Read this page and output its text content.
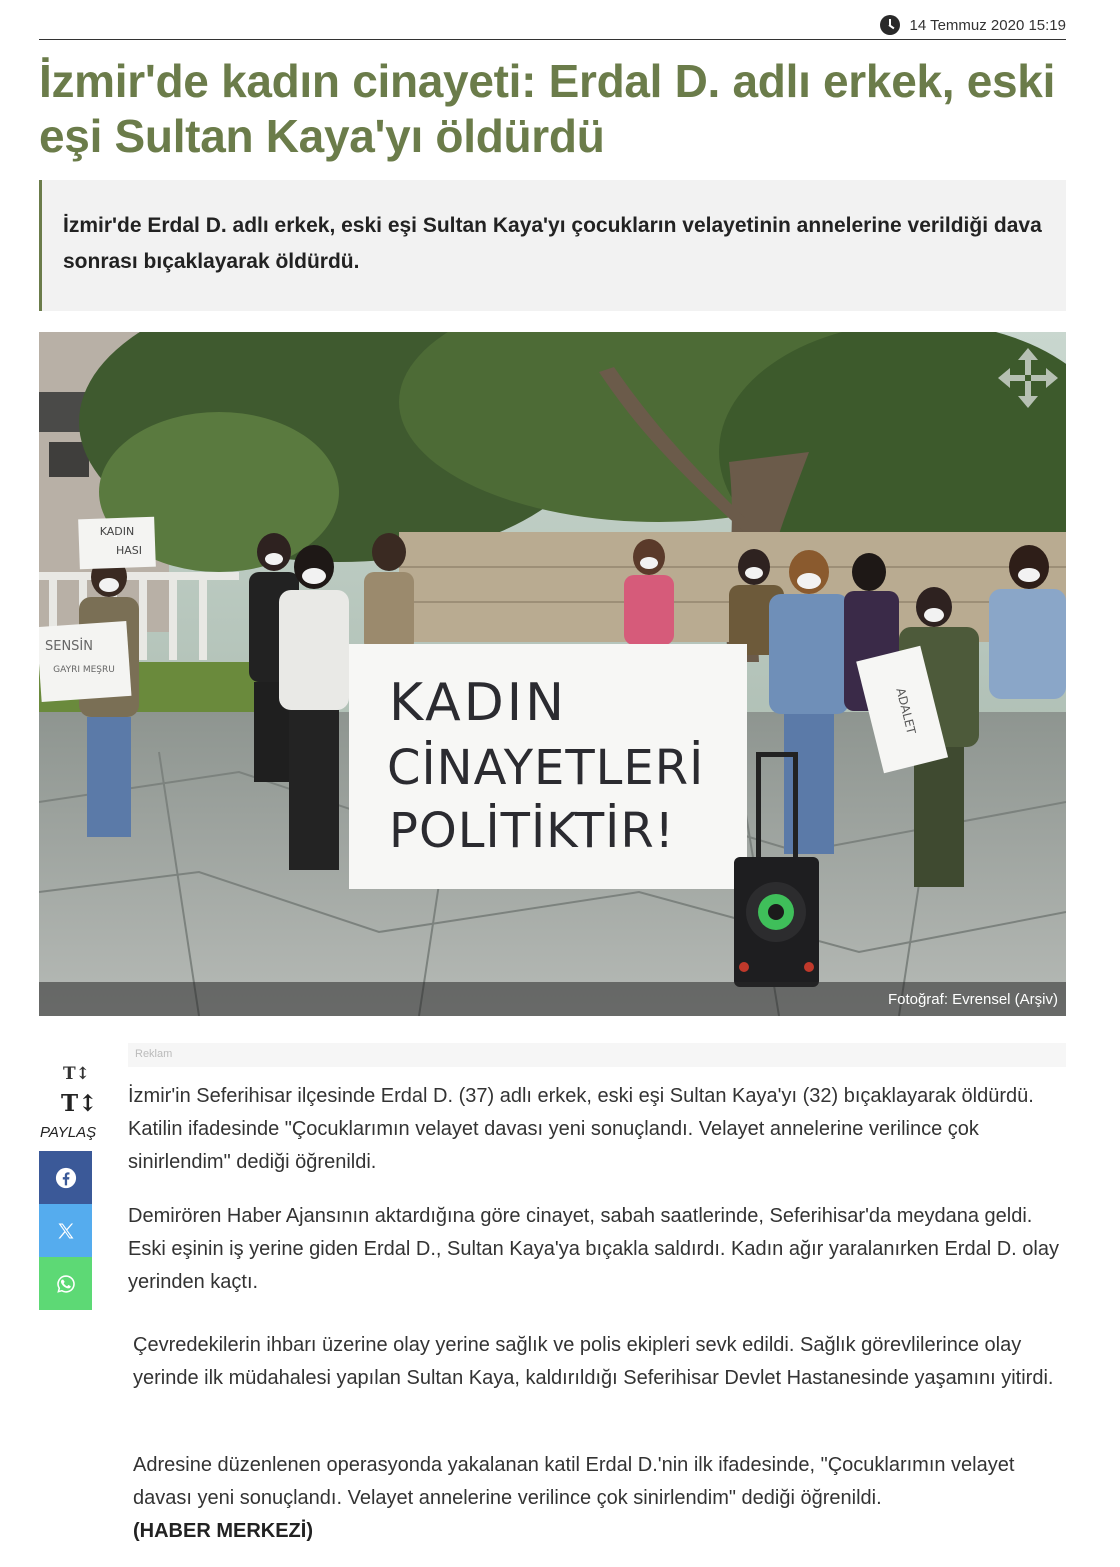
14 Temmuz 2020 15:19
İzmir'de kadın cinayeti: Erdal D. adlı erkek, eski eşi Sultan Kaya'yı öldürdü

İzmir'de Erdal D. adlı erkek, eski eşi Sultan Kaya'yı çocukların velayetinin annelerine verildiği dava sonrası bıçaklayarak öldürdü.

KADIN
HASI
SENSİN
GAYRI MEŞRU
ADALET
KADIN
CİNAYETLERİ
POLİTİKTİR!
Fotoğraf: Evrensel (Arşiv)
Reklam
T↕
T↕
PAYLAŞ

İzmir'in Seferihisar ilçesinde Erdal D. (37) adlı erkek, eski eşi Sultan Kaya'yı (32) bıçaklayarak öldürdü. Katilin ifadesinde "Çocuklarımın velayet davası yeni sonuçlandı. Velayet annelerine verilince çok sinirlendim" dediği öğrenildi.

Demirören Haber Ajansının aktardığına göre cinayet, sabah saatlerinde, Seferihisar'da meydana geldi. Eski eşinin iş yerine giden Erdal D., Sultan Kaya'ya bıçakla saldırdı. Kadın ağır yaralanırken Erdal D. olay yerinden kaçtı.

Çevredekilerin ihbarı üzerine olay yerine sağlık ve polis ekipleri sevk edildi. Sağlık görevlilerince olay yerinde ilk müdahalesi yapılan Sultan Kaya, kaldırıldığı Seferihisar Devlet Hastanesinde yaşamını yitirdi.

Adresine düzenlenen operasyonda yakalanan katil Erdal D.'nin ilk ifadesinde, "Çocuklarımın velayet davası yeni sonuçlandı. Velayet annelerine verilince çok sinirlendim" dediği öğrenildi.
(HABER MERKEZİ)
